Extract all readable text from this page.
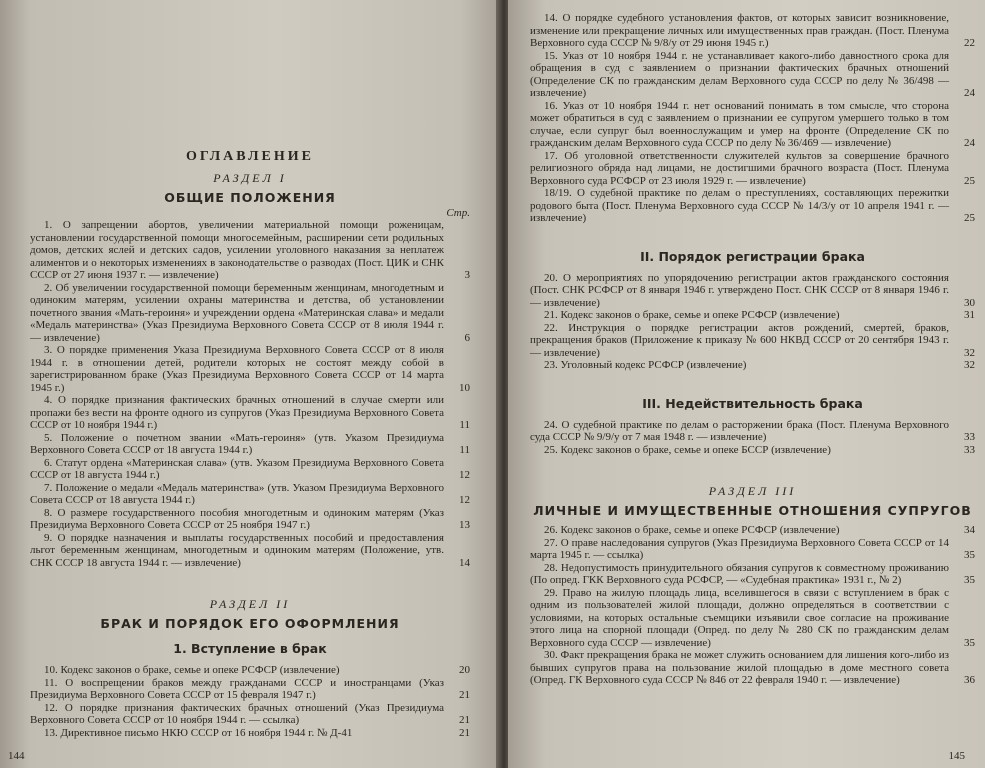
ОГЛАВЛЕНИЕ
РАЗДЕЛ I
ОБЩИЕ ПОЛОЖЕНИЯ
Стр.
1. О запрещении абортов, увеличении материальной помощи роженицам, установлении государственной помощи многосемейным, расширении сети родильных домов, детских яслей и детских садов, усилении уголовного наказания за неплатеж алиментов и о некоторых изменениях в законодательстве о разводах (Пост. ЦИК и СНК СССР от 27 июня 1937 г. — извлечение)	3
2. Об увеличении государственной помощи беременным женщинам, многодетным и одиноким матерям, усилении охраны материнства и детства, об установлении почетного звания «Мать-героиня» и учреждении ордена «Материнская слава» и медали «Медаль материнства» (Указ Президиума Верховного Совета СССР от 8 июля 1944 г. — извлечение)	6
3. О порядке применения Указа Президиума Верховного Совета СССР от 8 июля 1944 г. в отношении детей, родители которых не состоят между собой в зарегистрированном браке (Указ Президиума Верховного Совета СССР от 14 марта 1945 г.)	10
4. О порядке признания фактических брачных отношений в случае смерти или пропажи без вести на фронте одного из супругов (Указ Президиума Верховного Совета СССР от 10 ноября 1944 г.)	11
5. Положение о почетном звании «Мать-героиня» (утв. Указом Президиума Верховного Совета СССР от 18 августа 1944 г.)	11
6. Статут ордена «Материнская слава» (утв. Указом Президиума Верховного Совета СССР от 18 августа 1944 г.)	12
7. Положение о медали «Медаль материнства» (утв. Указом Президиума Верховного Совета СССР от 18 августа 1944 г.)	12
8. О размере государственного пособия многодетным и одиноким матерям (Указ Президиума Верховного Совета СССР от 25 ноября 1947 г.)	13
9. О порядке назначения и выплаты государственных пособий и предоставления льгот беременным женщинам, многодетным и одиноким матерям (Положение, утв. СНК СССР 18 августа 1944 г. — извлечение)	14
РАЗДЕЛ II
БРАК И ПОРЯДОК ЕГО ОФОРМЛЕНИЯ
1. Вступление в брак
10. Кодекс законов о браке, семье и опеке РСФСР (извлечение)	20
11. О воспрещении браков между гражданами СССР и иностранцами (Указ Президиума Верховного Совета СССР от 15 февраля 1947 г.)	21
12. О порядке признания фактических брачных отношений (Указ Президиума Верховного Совета СССР от 10 ноября 1944 г. — ссылка)	21
13. Директивное письмо НКЮ СССР от 16 ноября 1944 г. № Д-41	21
144
14. О порядке судебного установления фактов, от которых зависит возникновение, изменение или прекращение личных или имущественных прав граждан. (Пост. Пленума Верховного суда СССР № 9/8/у от 29 июня 1945 г.)	22
15. Указ от 10 ноября 1944 г. не устанавливает какого-либо давностного срока для обращения в суд с заявлением о признании фактических брачных отношений (Определение СК по гражданским делам Верховного суда СССР по делу № 36/498 — извлечение)	24
16. Указ от 10 ноября 1944 г. нет оснований понимать в том смысле, что сторона может обратиться в суд с заявлением о признании ее супругом умершего только в том случае, если супруг был военнослужащим и умер на фронте (Определение СК по гражданским делам Верховного суда СССР по делу № 36/469 — извлечение)	24
17. Об уголовной ответственности служителей культов за совершение брачного религиозного обряда над лицами, не достигшими брачного возраста (Пост. Пленума Верховного суда РСФСР от 23 июля 1929 г. — извлечение)	25
18/19. О судебной практике по делам о преступлениях, составляющих пережитки родового быта (Пост. Пленума Верховного суда СССР № 14/3/у от 10 апреля 1941 г. — извлечение)	25
II. Порядок регистрации брака
20. О мероприятиях по упорядочению регистрации актов гражданского состояния (Пост. СНК РСФСР от 8 января 1946 г. утверждено Пост. СНК СССР от 8 января 1946 г. — извлечение)	30
21. Кодекс законов о браке, семье и опеке РСФСР (извлечение)	31
22. Инструкция о порядке регистрации актов рождений, смертей, браков, прекращения браков (Приложение к приказу № 600 НКВД СССР от 20 сентября 1943 г. — извлечение)	32
23. Уголовный кодекс РСФСР (извлечение)	32
III. Недействительность брака
24. О судебной практике по делам о расторжении брака (Пост. Пленума Верховного суда СССР № 9/9/у от 7 мая 1948 г. — извлечение)	33
25. Кодекс законов о браке, семье и опеке БССР (извлечение)	33
РАЗДЕЛ III
ЛИЧНЫЕ И ИМУЩЕСТВЕННЫЕ ОТНОШЕНИЯ СУПРУГОВ
26. Кодекс законов о браке, семье и опеке РСФСР (извлечение)	34
27. О праве наследования супругов (Указ Президиума Верховного Совета СССР от 14 марта 1945 г. — ссылка)	35
28. Недопустимость принудительного обязания супругов к совместному проживанию (По опред. ГКК Верховного суда РСФСР, — «Судебная практика» 1931 г., № 2)	35
29. Право на жилую площадь лица, вселившегося в связи с вступлением в брак с одним из пользователей жилой площади, должно определяться в соответствии с условиями, на которых остальные съемщики изъявили свое согласие на проживание этого лица на спорной площади (Опред. по делу № 280 СК по гражданским делам Верховного суда СССР — извлечение)	35
30. Факт прекращения брака не может служить основанием для лишения кого-либо из бывших супругов права на пользование жилой площадью в доме местного совета (Опред. ГК Верховного суда СССР № 846 от 22 февраля 1940 г. — извлечение)	36
145
